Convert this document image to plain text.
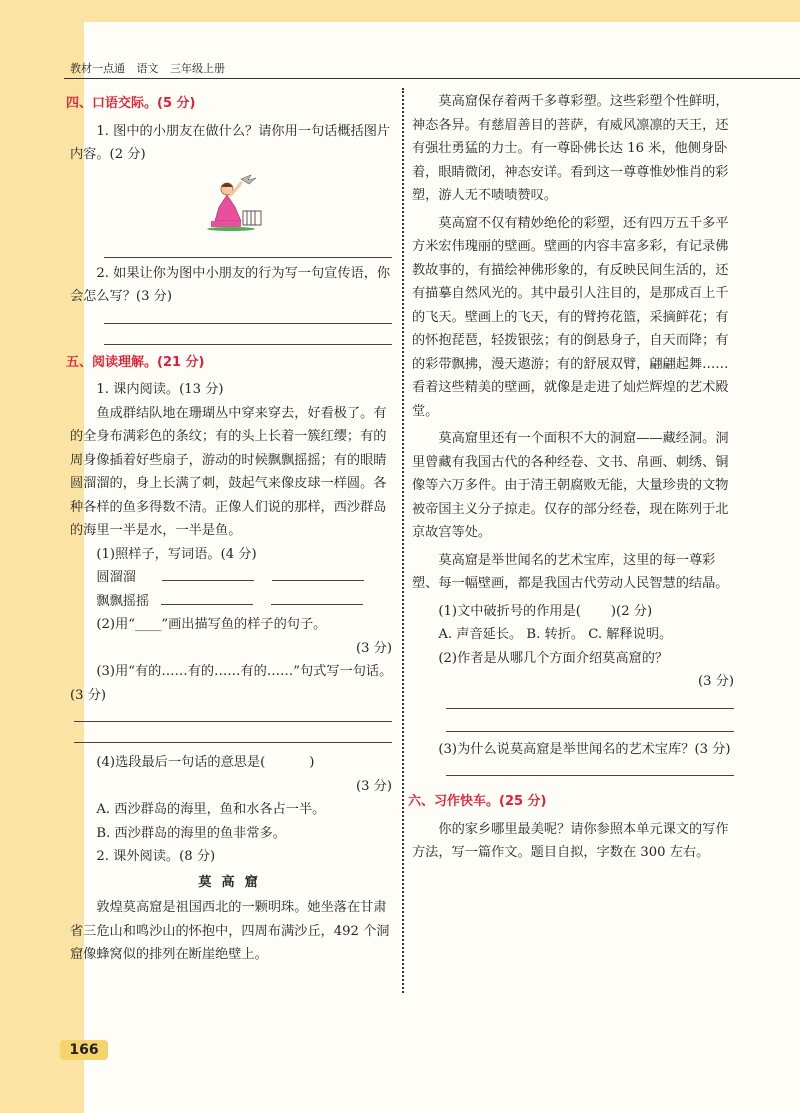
教材一点通 语文 三年级上册
四、口语交际。(5 分)

1. 图中的小朋友在做什么？请你用一句话概括图片内容。(2 分)

2. 如果让你为图中小朋友的行为写一句宣传语，你会怎么写？(3 分)

五、阅读理解。(21 分)

1. 课内阅读。(13 分)

鱼成群结队地在珊瑚丛中穿来穿去，好看极了。有的全身布满彩色的条纹；有的头上长着一簇红缨；有的周身像插着好些扇子，游动的时候飘飘摇摇；有的眼睛圆溜溜的，身上长满了刺，鼓起气来像皮球一样圆。各种各样的鱼多得数不清。正像人们说的那样，西沙群岛的海里一半是水，一半是鱼。

(1)照样子，写词语。(4 分)

圆溜溜

飘飘摇摇

(2)用“____”画出描写鱼的样子的句子。

(3 分)

(3)用“有的……有的……有的……”句式写一句话。(3 分)

(4)选段最后一句话的意思是(	)

(3 分)

A. 西沙群岛的海里，鱼和水各占一半。

B. 西沙群岛的海里的鱼非常多。

2. 课外阅读。(8 分)

莫高窟

敦煌莫高窟是祖国西北的一颗明珠。她坐落在甘肃省三危山和鸣沙山的怀抱中，四周布满沙丘，492 个洞窟像蜂窝似的排列在断崖绝壁上。

莫高窟保存着两千多尊彩塑。这些彩塑个性鲜明，神态各异。有慈眉善目的菩萨，有威风凛凛的天王，还有强壮勇猛的力士。有一尊卧佛长达 16 米，他侧身卧着，眼睛微闭，神态安详。看到这一尊尊惟妙惟肖的彩塑，游人无不啧啧赞叹。

莫高窟不仅有精妙绝伦的彩塑，还有四万五千多平方米宏伟瑰丽的壁画。壁画的内容丰富多彩，有记录佛教故事的，有描绘神佛形象的，有反映民间生活的，还有描摹自然风光的。其中最引人注目的，是那成百上千的飞天。壁画上的飞天，有的臂挎花篮，采摘鲜花；有的怀抱琵琶，轻拨银弦；有的倒悬身子，自天而降；有的彩带飘拂，漫天遨游；有的舒展双臂，翩翩起舞……看着这些精美的壁画，就像是走进了灿烂辉煌的艺术殿堂。

莫高窟里还有一个面积不大的洞窟——藏经洞。洞里曾藏有我国古代的各种经卷、文书、帛画、刺绣、铜像等六万多件。由于清王朝腐败无能，大量珍贵的文物被帝国主义分子掠走。仅存的部分经卷，现在陈列于北京故宫等处。

莫高窟是举世闻名的艺术宝库，这里的每一尊彩塑、每一幅壁画，都是我国古代劳动人民智慧的结晶。

(1)文中破折号的作用是( )(2 分)

A. 声音延长。 B. 转折。 C. 解释说明。

(2)作者是从哪几个方面介绍莫高窟的？

(3 分)

(3)为什么说莫高窟是举世闻名的艺术宝库？(3 分)

六、习作快车。(25 分)

你的家乡哪里最美呢？请你参照本单元课文的写作方法，写一篇作文。题目自拟，字数在 300 左右。

166
